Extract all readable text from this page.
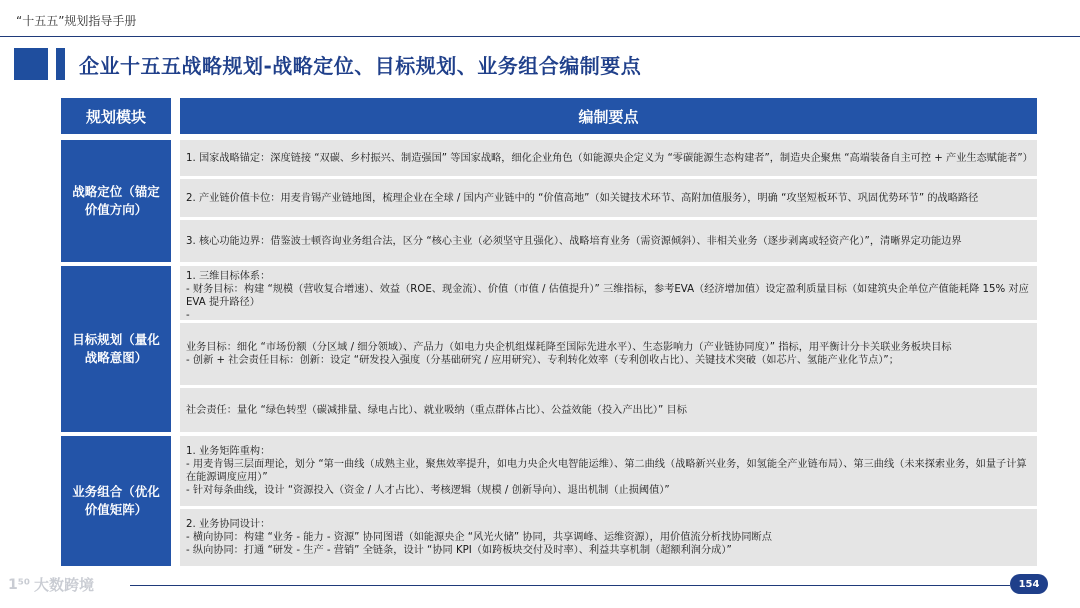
“十五五”规划指导手册
企业十五五战略规划-战略定位、目标规划、业务组合编制要点
规划模块	编制要点
战略定位（锚定价值方向）
目标规划（量化战略意图）
业务组合（优化价值矩阵）
1. 国家战略锚定：深度链接 “双碳、乡村振兴、制造强国” 等国家战略，细化企业角色（如能源央企定义为 “零碳能源生态构建者”，制造央企聚焦 “高端装备自主可控 + 产业生态赋能者”）
2. 产业链价值卡位：用麦肯锡产业链地图，梳理企业在全球 / 国内产业链中的 “价值高地”（如关键技术环节、高附加值服务），明确 “攻坚短板环节、巩固优势环节” 的战略路径
3. 核心功能边界：借鉴波士顿咨询业务组合法，区分 “核心主业（必须坚守且强化）、战略培育业务（需资源倾斜）、非相关业务（逐步剥离或轻资产化）”，清晰界定功能边界
1. 三维目标体系：
- 财务目标：构建 “规模（营收复合增速）、效益（ROE、现金流）、价值（市值 / 估值提升）” 三维指标，参考EVA（经济增加值）设定盈利质量目标（如建筑央企单位产值能耗降 15% 对应 EVA 提升路径）
-
业务目标：细化 “市场份额（分区域 / 细分领域）、产品力（如电力央企机组煤耗降至国际先进水平）、生态影响力（产业链协同度）” 指标，用平衡计分卡关联业务板块目标
- 创新 + 社会责任目标：创新：设定 “研发投入强度（分基础研究 / 应用研究）、专利转化效率（专利创收占比）、关键技术突破（如芯片、氢能产业化节点）”；
社会责任：量化 “绿色转型（碳减排量、绿电占比）、就业吸纳（重点群体占比）、公益效能（投入产出比）” 目标
1. 业务矩阵重构：
- 用麦肯锡三层面理论，划分 “第一曲线（成熟主业，聚焦效率提升，如电力央企火电智能运维）、第二曲线（战略新兴业务，如氢能全产业链布局）、第三曲线（未来探索业务，如量子计算在能源调度应用）”
- 针对每条曲线，设计 “资源投入（资金 / 人才占比）、考核逻辑（规模 / 创新导向）、退出机制（止损阈值）”
2. 业务协同设计：
- 横向协同：构建 “业务 - 能力 - 资源” 协同图谱（如能源央企 “风光火储” 协同，共享调峰、运维资源），用价值流分析找协同断点
- 纵向协同：打通 “研发 - 生产 - 营销” 全链条，设计 “协同 KPI（如跨板块交付及时率）、利益共享机制（超额利润分成）”
1⁵⁰ 大数跨境	154
